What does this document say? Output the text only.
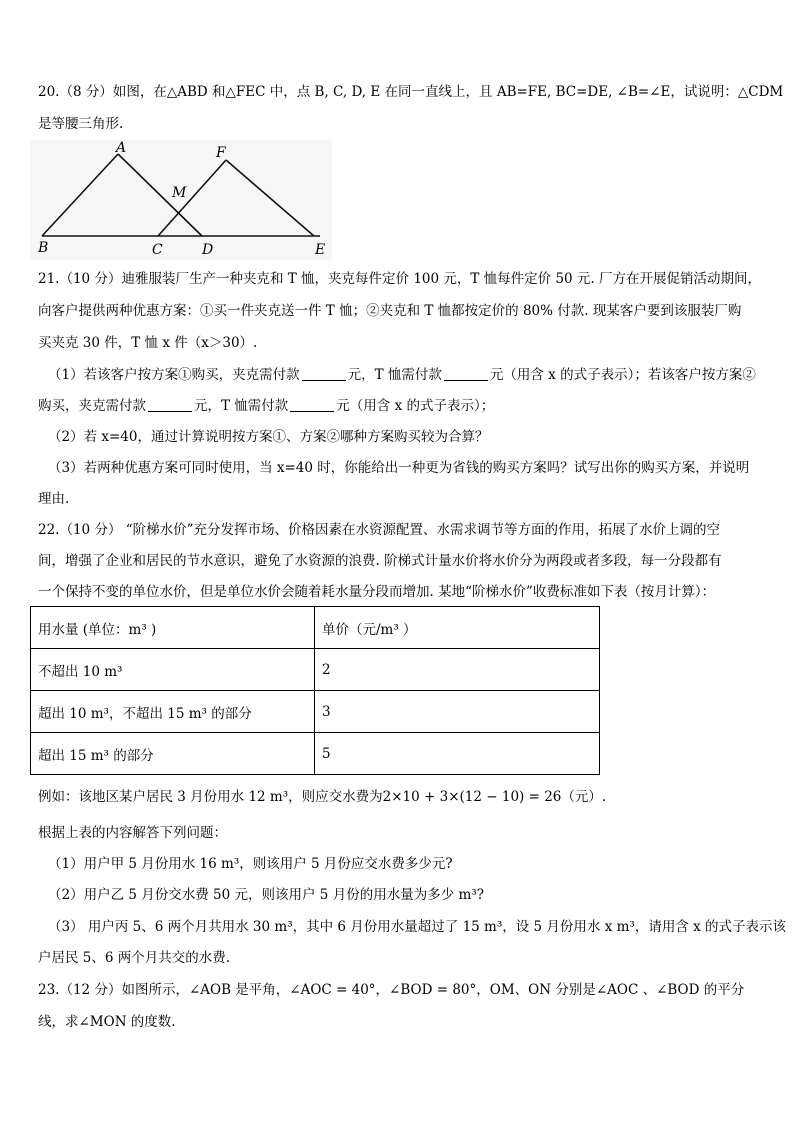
20.（8 分）如图，在△ABD 和△FEC 中，点 B, C, D, E 在同一直线上，且 AB=FE, BC=DE, ∠B=∠E，试说明：△CDM
是等腰三角形.
A	F
M
B	C	D	E
21.（10 分）迪雅服装厂生产一种夹克和 T 恤，夹克每件定价 100 元，T 恤每件定价 50 元. 厂方在开展促销活动期间，
向客户提供两种优惠方案：①买一件夹克送一件 T 恤；②夹克和 T 恤都按定价的 80% 付款. 现某客户要到该服装厂购
买夹克 30 件，T 恤 x 件（x＞30）.
（1）若该客户按方案①购买，夹克需付款	元，T 恤需付款	元（用含 x 的式子表示）；若该客户按方案②
购买，夹克需付款	元，T 恤需付款	元（用含 x 的式子表示）；
（2）若 x=40，通过计算说明按方案①、方案②哪种方案购买较为合算？
（3）若两种优惠方案可同时使用，当 x=40 时，你能给出一种更为省钱的购买方案吗？试写出你的购买方案，并说明
理由.
22.（10 分） “阶梯水价”充分发挥市场、价格因素在水资源配置、水需求调节等方面的作用，拓展了水价上调的空
间，增强了企业和居民的节水意识，避免了水资源的浪费. 阶梯式计量水价将水价分为两段或者多段，每一分段都有
一个保持不变的单位水价，但是单位水价会随着耗水量分段而增加. 某地“阶梯水价”收费标准如下表（按月计算）：
用水量 (单位：m³ )	单价（元/m³ ）
不超出 10 m³	2
超出 10 m³，不超出 15 m³ 的部分	3
超出 15 m³ 的部分	5
例如：该地区某户居民 3 月份用水 12 m³，则应交水费为2×10 + 3×(12 − 10) = 26（元）.
根据上表的内容解答下列问题：
（1）用户甲 5 月份用水 16 m³，则该用户 5 月份应交水费多少元?
（2）用户乙 5 月份交水费 50 元，则该用户 5 月份的用水量为多少 m³?
（3） 用户丙 5、6 两个月共用水 30 m³，其中 6 月份用水量超过了 15 m³，设 5 月份用水 x m³，请用含 x 的式子表示该
户居民 5、6 两个月共交的水费.
23.（12 分）如图所示，∠AOB 是平角，∠AOC = 40°，∠BOD = 80°，OM、ON 分别是∠AOC 、∠BOD 的平分
线，求∠MON 的度数.
